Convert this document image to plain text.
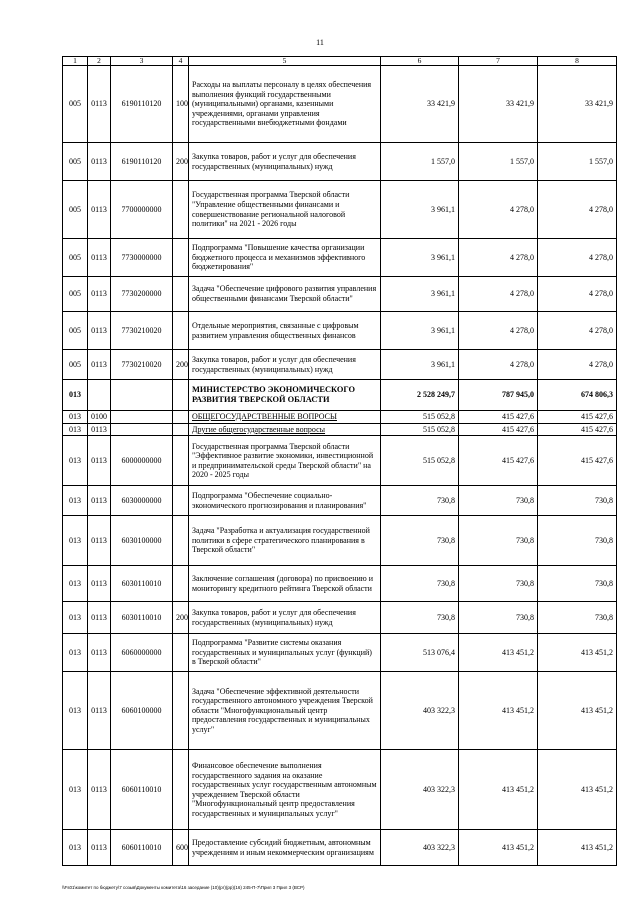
11
1	2	3	4	5	6	7	8
005	0113	6190110120	100	Расходы на выплаты персоналу в целях обеспечения выполнения функций государственными (муниципальными) органами, казенными учреждениями, органами управления государственными внебюджетными фондами	33 421,9	33 421,9	33 421,9
005	0113	6190110120	200	Закупка товаров, работ и услуг для обеспечения государственных (муниципальных) нужд	1 557,0	1 557,0	1 557,0
005	0113	7700000000		Государственная программа Тверской области "Управление общественными финансами и совершенствование региональной налоговой политики" на 2021 - 2026 годы	3 961,1	4 278,0	4 278,0
005	0113	7730000000		Подпрограмма "Повышение качества организации бюджетного процесса и механизмов эффективного бюджетирования"	3 961,1	4 278,0	4 278,0
005	0113	7730200000		Задача "Обеспечение цифрового развития управления общественными финансами Тверской области"	3 961,1	4 278,0	4 278,0
005	0113	7730210020		Отдельные мероприятия, связанные с цифровым развитием управления общественных финансов	3 961,1	4 278,0	4 278,0
005	0113	7730210020	200	Закупка товаров, работ и услуг для обеспечения государственных (муниципальных) нужд	3 961,1	4 278,0	4 278,0
013				МИНИСТЕРСТВО ЭКОНОМИЧЕСКОГО РАЗВИТИЯ ТВЕРСКОЙ ОБЛАСТИ	2 528 249,7	787 945,0	674 806,3
013	0100			ОБЩЕГОСУДАРСТВЕННЫЕ ВОПРОСЫ	515 052,8	415 427,6	415 427,6
013	0113			Другие общегосударственные вопросы	515 052,8	415 427,6	415 427,6
013	0113	6000000000		Государственная программа Тверской области "Эффективное развитие экономики, инвестиционной и предпринимательской среды Тверской области" на 2020 - 2025 годы	515 052,8	415 427,6	415 427,6
013	0113	6030000000		Подпрограмма "Обеспечение социально-экономического прогнозирования и планирования"	730,8	730,8	730,8
013	0113	6030100000		Задача "Разработка и актуализация государственной политики в сфере стратегического планирования в Тверской области"	730,8	730,8	730,8
013	0113	6030110010		Заключение соглашения (договора) по присвоению и мониторингу кредитного рейтинга Тверской области	730,8	730,8	730,8
013	0113	6030110010	200	Закупка товаров, работ и услуг для обеспечения государственных (муниципальных) нужд	730,8	730,8	730,8
013	0113	6060000000		Подпрограмма "Развитие системы оказания государственных и муниципальных услуг (функций) в Тверской области"	513 076,4	413 451,2	413 451,2
013	0113	6060100000		Задача "Обеспечение эффективной деятельности государственного автономного учреждения Тверской области "Многофункциональный центр предоставления государственных и муниципальных услуг"	403 322,3	413 451,2	413 451,2
013	0113	6060110010		Финансовое обеспечение выполнения государственного задания на оказание государственных услуг государственным автономным учреждением Тверской области "Многофункциональный центр предоставления государственных и муниципальных услуг"	403 322,3	413 451,2	413 451,2
013	0113	6060110010	600	Предоставление субсидий бюджетным, автономным учреждениям и иным некоммерческим организациям	403 322,3	413 451,2	413 451,2
\\Fs01\комитет по бюджету\7 созыв\Документы комитета\16 заседание (10)(рг)(рр)(16) 245-П-7\Прил 3 Прил 3 (ВСР)
